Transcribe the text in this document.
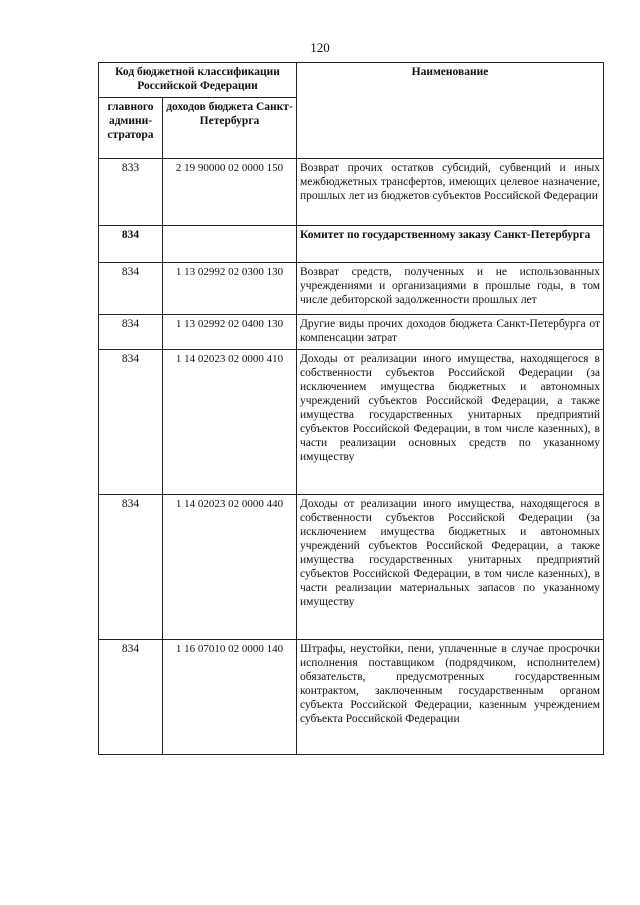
120
Код бюджетной классификации Российской Федерации		Наименование
главного админи-стратора	доходов бюджета Санкт-Петербурга	
833	2 19 90000 02 0000 150	Возврат прочих остатков субсидий, субвенций и иных межбюджетных трансфертов, имеющих целевое назначение, прошлых лет из бюджетов субъектов Российской Федерации
834		Комитет по государственному заказу Санкт-Петербурга
834	1 13 02992 02 0300 130	Возврат средств, полученных и не использованных учреждениями и организациями в прошлые годы, в том числе дебиторской задолженности прошлых лет
834	1 13 02992 02 0400 130	Другие виды прочих доходов бюджета Санкт-Петербурга от компенсации затрат
834	1 14 02023 02 0000 410	Доходы от реализации иного имущества, находящегося в собственности субъектов Российской Федерации (за исключением имущества бюджетных и автономных учреждений субъектов Российской Федерации, а также имущества государственных унитарных предприятий субъектов Российской Федерации, в том числе казенных), в части реализации основных средств по указанному имуществу
834	1 14 02023 02 0000 440	Доходы от реализации иного имущества, находящегося в собственности субъектов Российской Федерации (за исключением имущества бюджетных и автономных учреждений субъектов Российской Федерации, а также имущества государственных унитарных предприятий субъектов Российской Федерации, в том числе казенных), в части реализации материальных запасов по указанному имуществу
834	1 16 07010 02 0000 140	Штрафы, неустойки, пени, уплаченные в случае просрочки исполнения поставщиком (подрядчиком, исполнителем) обязательств, предусмотренных государственным контрактом, заключенным государственным органом субъекта Российской Федерации, казенным учреждением субъекта Российской Федерации
